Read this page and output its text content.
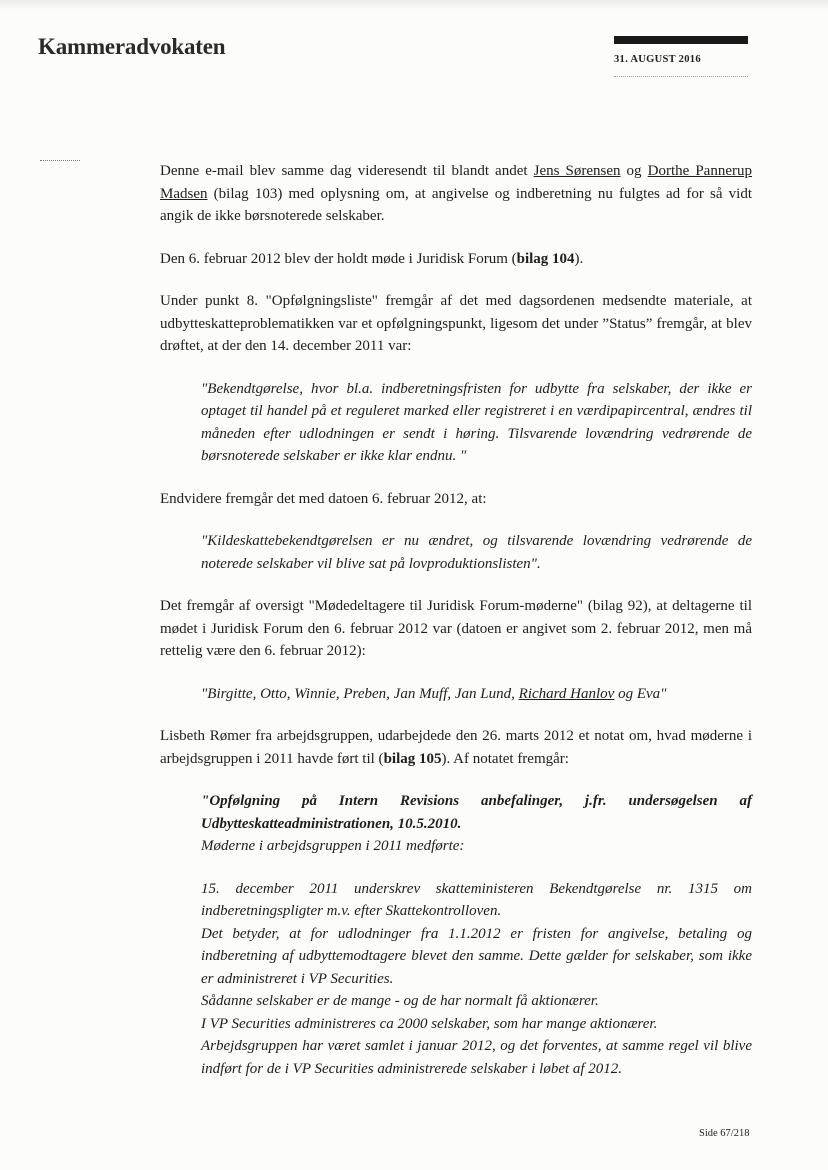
Kammeradvokaten
31. AUGUST 2016

Denne e-mail blev samme dag videresendt til blandt andet Jens Sørensen og Dorthe Pannerup Madsen (bilag 103) med oplysning om, at angivelse og indberetning nu fulgtes ad for så vidt angik de ikke børsnoterede selskaber.

Den 6. februar 2012 blev der holdt møde i Juridisk Forum (bilag 104).

Under punkt 8. "Opfølgningsliste" fremgår af det med dagsordenen medsendte materiale, at udbytteskatteproblematikken var et opfølgningspunkt, ligesom det under ”Status” fremgår, at blev drøftet, at der den 14. december 2011 var:

"Bekendtgørelse, hvor bl.a. indberetningsfristen for udbytte fra selskaber, der ikke er optaget til handel på et reguleret marked eller registreret i en værdipapircentral, ændres til måneden efter udlodningen er sendt i høring. Tilsvarende lovændring vedrørende de børsnoterede selskaber er ikke klar endnu. "

Endvidere fremgår det med datoen 6. februar 2012, at:

"Kildeskattebekendtgørelsen er nu ændret, og tilsvarende lovændring vedrørende de noterede selskaber vil blive sat på lovproduktionslisten".

Det fremgår af oversigt "Mødedeltagere til Juridisk Forum-møderne" (bilag 92), at deltagerne til mødet i Juridisk Forum den 6. februar 2012 var (datoen er angivet som 2. februar 2012, men må rettelig være den 6. februar 2012):

"Birgitte, Otto, Winnie, Preben, Jan Muff, Jan Lund, Richard Hanlov og Eva"

Lisbeth Rømer fra arbejdsgruppen, udarbejdede den 26. marts 2012 et notat om, hvad møderne i arbejdsgruppen i 2011 havde ført til (bilag 105). Af notatet fremgår:

"Opfølgning på Intern Revisions anbefalinger, j.fr. undersøgelsen af Udbytteskatteadministrationen, 10.5.2010.
Møderne i arbejdsgruppen i 2011 medførte:
15. december 2011 underskrev skatteministeren Bekendtgørelse nr. 1315 om indberetningspligter m.v. efter Skattekontrolloven.
Det betyder, at for udlodninger fra 1.1.2012 er fristen for angivelse, betaling og indberetning af udbyttemodtagere blevet den samme. Dette gælder for selskaber, som ikke er administreret i VP Securities.
Sådanne selskaber er de mange - og de har normalt få aktionærer.
I VP Securities administreres ca 2000 selskaber, som har mange aktionærer.
Arbejdsgruppen har været samlet i januar 2012, og det forventes, at samme regel vil blive indført for de i VP Securities administrerede selskaber i løbet af 2012.
Side 67/218
